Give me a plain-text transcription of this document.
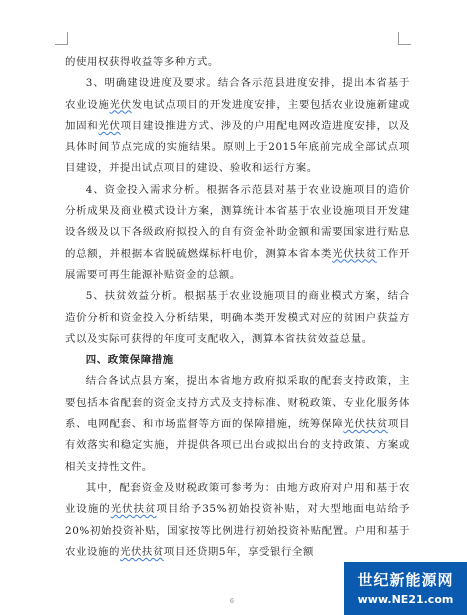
的使用权获得收益等多种方式。

3、明确建设进度及要求。结合各示范县进度安排，提出本省基于农业设施光伏发电试点项目的开发进度安排，主要包括农业设施新建或加固和光伏项目建设推进方式、涉及的户用配电网改造进度安排，以及具体时间节点完成的实施结果。原则上于2015年底前完成全部试点项目建设，并提出试点项目的建设、验收和运行方案。

4、资金投入需求分析。根据各示范县对基于农业设施项目的造价分析成果及商业模式设计方案，测算统计本省基于农业设施项目开发建设各级及以下各级政府拟投入的自有资金补助金额和需要国家进行贴息的总额，并根据本省脱硫燃煤标杆电价，测算本省本类光伏扶贫工作开展需要可再生能源补贴资金的总额。

5、扶贫效益分析。根据基于农业设施项目的商业模式方案，结合造价分析和资金投入分析结果，明确本类开发模式对应的贫困户获益方式以及实际可获得的年度可支配收入，测算本省扶贫效益总量。

四、政策保障措施

结合各试点县方案，提出本省地方政府拟采取的配套支持政策，主要包括本省配套的资金支持方式及支持标准、财税政策、专业化服务体系、电网配套、和市场监督等方面的保障措施，统筹保障光伏扶贫项目有效落实和稳定实施，并提供各项已出台或拟出台的支持政策、方案或相关支持性文件。

其中，配套资金及财税政策可参考为：由地方政府对户用和基于农业设施的光伏扶贫项目给予35%初始投资补贴，对大型地面电站给予20%初始投资补贴，国家按等比例进行初始投资补贴配置。户用和基于农业设施的光伏扶贫项目还贷期5年，享受银行全额

6
世纪新能源网
www.NE21.com
